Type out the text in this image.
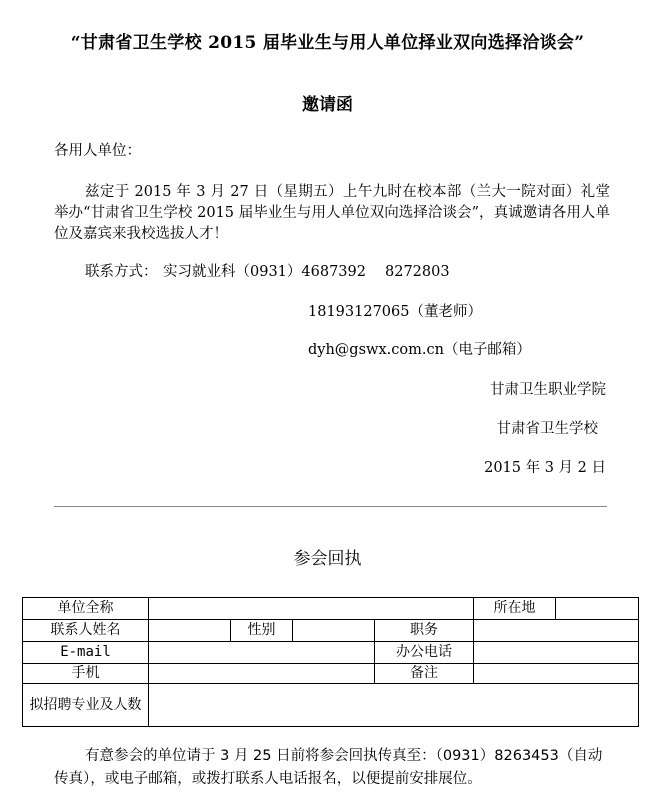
“甘肃省卫生学校 2015 届毕业生与用人单位择业双向选择洽谈会”
邀请函
各用人单位：
兹定于 2015 年 3 月 27 日（星期五）上午九时在校本部（兰大一院对面）礼堂举办“甘肃省卫生学校 2015 届毕业生与用人单位双向选择洽谈会”，真诚邀请各用人单位及嘉宾来我校选拔人才！
联系方式： 实习就业科（0931）4687392 8272803
18193127065（董老师）
dyh@gswx.com.cn（电子邮箱）
甘肃卫生职业学院
甘肃省卫生学校
2015 年 3 月 2 日
参会回执
单位全称					所在地	
联系人姓名		性别		职务		
E-mail				办公电话		
手机				备注		
拟招聘专业及人数						
有意参会的单位请于 3 月 25 日前将参会回执传真至：（0931）8263453（自动传真），或电子邮箱，或拨打联系人电话报名，以便提前安排展位。
